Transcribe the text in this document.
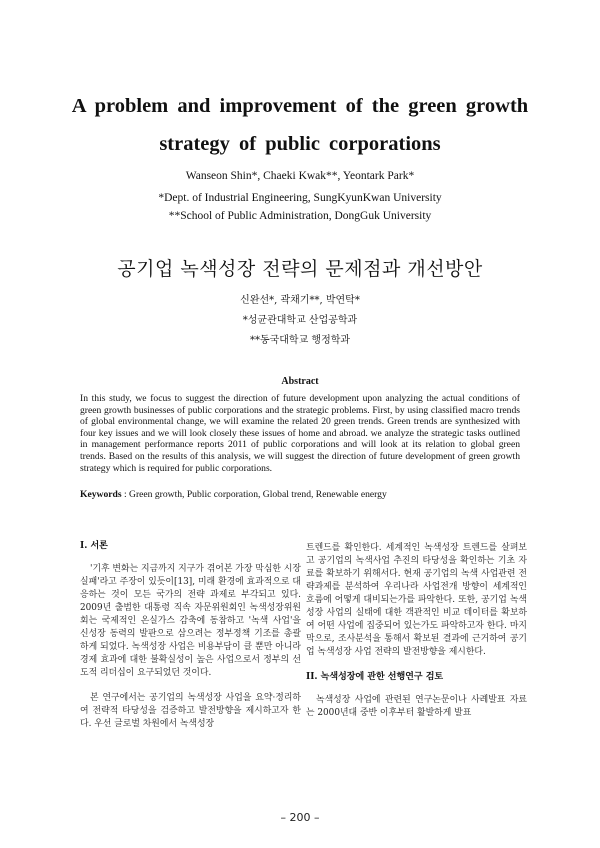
A problem and improvement of the green growth
strategy of public corporations
Wanseon Shin*, Chaeki Kwak**, Yeontark Park*
*Dept. of Industrial Engineering, SungKyunKwan University
**School of Public Administration, DongGuk University
공기업 녹색성장 전략의 문제점과 개선방안
신완선*, 곽채기**, 박연탁*
*성균관대학교 산업공학과
**동국대학교 행정학과
Abstract

In this study, we focus to suggest the direction of future development upon analyzing the actual conditions of green growth businesses of public corporations and the strategic problems. First, by using classified macro trends of global environmental change, we will examine the related 20 green trends. Green trends are synthesized with four key issues and we will look closely these issues of home and abroad. we analyze the strategic tasks outlined in management performance reports 2011 of public corporations and will look at its relation to global green trends. Based on the results of this analysis, we will suggest the direction of future development of green growth strategy which is required for public corporations.

Keywords : Green growth, Public corporation, Global trend, Renewable energy
I. 서론

'기후 변화는 지금까지 지구가 겪어본 가장 막심한 시장실패'라고 주장이 있듯이[13], 미래 환경에 효과적으로 대응하는 것이 모든 국가의 전략 과제로 부각되고 있다. 2009년 출범한 대통령 직속 자문위원회인 녹색성장위원회는 국제적인 온실가스 감축에 동참하고 '녹색 사업'을 신성장 동력의 발판으로 삼으려는 정부정책 기조를 총괄하게 되었다. 녹색성장 사업은 비용부담이 클 뿐만 아니라 경제 효과에 대한 불확실성이 높은 사업으로서 정부의 선도적 리더십이 요구되었던 것이다.

본 연구에서는 공기업의 녹색성장 사업을 요약·정리하여 전략적 타당성을 검증하고 발전방향을 제시하고자 한다. 우선 글로벌 차원에서 녹색성장

트렌드를 확인한다. 세계적인 녹색성장 트렌드를 살펴보고 공기업의 녹색사업 추진의 타당성을 확인하는 기초 자료를 확보하기 위해서다. 현재 공기업의 녹색 사업관련 전략과제를 분석하여 우리나라 사업전개 방향이 세계적인 흐름에 어떻게 대비되는가를 파악한다. 또한, 공기업 녹색성장 사업의 실태에 대한 객관적인 비교 데이터를 확보하여 어떤 사업에 집중되어 있는가도 파악하고자 한다. 마지막으로, 조사분석을 통해서 확보된 결과에 근거하여 공기업 녹색성장 사업 전략의 발전방향을 제시한다.

II. 녹색성장에 관한 선행연구 검토

녹색성장 사업에 관련된 연구논문이나 사례발표 자료는 2000년대 중반 이후부터 활발하게 발표

– 200 –
